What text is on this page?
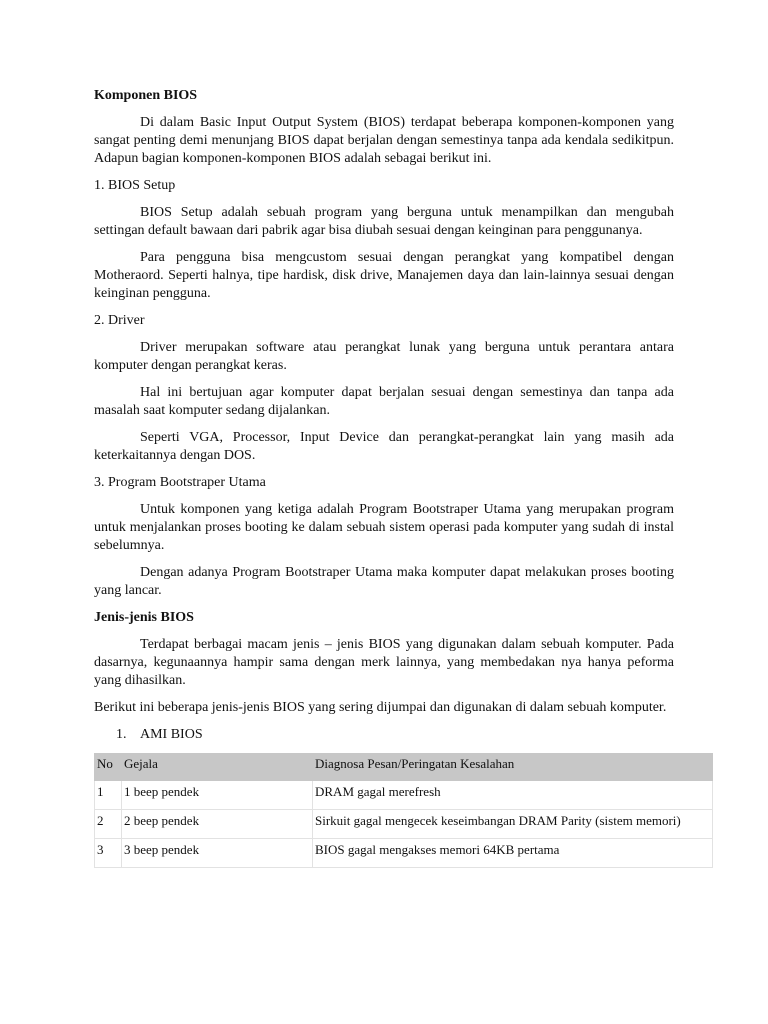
Komponen BIOS
Di dalam Basic Input Output System (BIOS) terdapat beberapa komponen-komponen yang sangat penting demi menunjang BIOS dapat berjalan dengan semestinya tanpa ada kendala sedikitpun. Adapun bagian komponen-komponen BIOS adalah sebagai berikut ini.
1. BIOS Setup
BIOS Setup adalah sebuah program yang berguna untuk menampilkan dan mengubah settingan default bawaan dari pabrik agar bisa diubah sesuai dengan keinginan para penggunanya.
Para pengguna bisa mengcustom sesuai dengan perangkat yang kompatibel dengan Motheraord. Seperti halnya, tipe hardisk, disk drive, Manajemen daya dan lain-lainnya sesuai dengan keinginan pengguna.
2. Driver
Driver merupakan software atau perangkat lunak yang berguna untuk perantara antara komputer dengan perangkat keras.
Hal ini bertujuan agar komputer dapat berjalan sesuai dengan semestinya dan tanpa ada masalah saat komputer sedang dijalankan.
Seperti VGA, Processor, Input Device dan perangkat-perangkat lain yang masih ada keterkaitannya dengan DOS.
3. Program Bootstraper Utama
Untuk komponen yang ketiga adalah Program Bootstraper Utama yang merupakan program untuk menjalankan proses booting ke dalam sebuah sistem operasi pada komputer yang sudah di instal sebelumnya.
Dengan adanya Program Bootstraper Utama maka komputer dapat melakukan proses booting yang lancar.
Jenis-jenis BIOS
Terdapat berbagai macam jenis – jenis BIOS yang digunakan dalam sebuah komputer. Pada dasarnya, kegunaannya hampir sama dengan merk lainnya, yang membedakan nya hanya peforma yang dihasilkan.
Berikut ini beberapa jenis-jenis BIOS yang sering dijumpai dan digunakan di dalam sebuah komputer.
1. AMI BIOS
No	Gejala	Diagnosa Pesan/Peringatan Kesalahan
1	1 beep pendek	DRAM gagal merefresh
2	2 beep pendek	Sirkuit gagal mengecek keseimbangan DRAM Parity (sistem memori)
3	3 beep pendek	BIOS gagal mengakses memori 64KB pertama
